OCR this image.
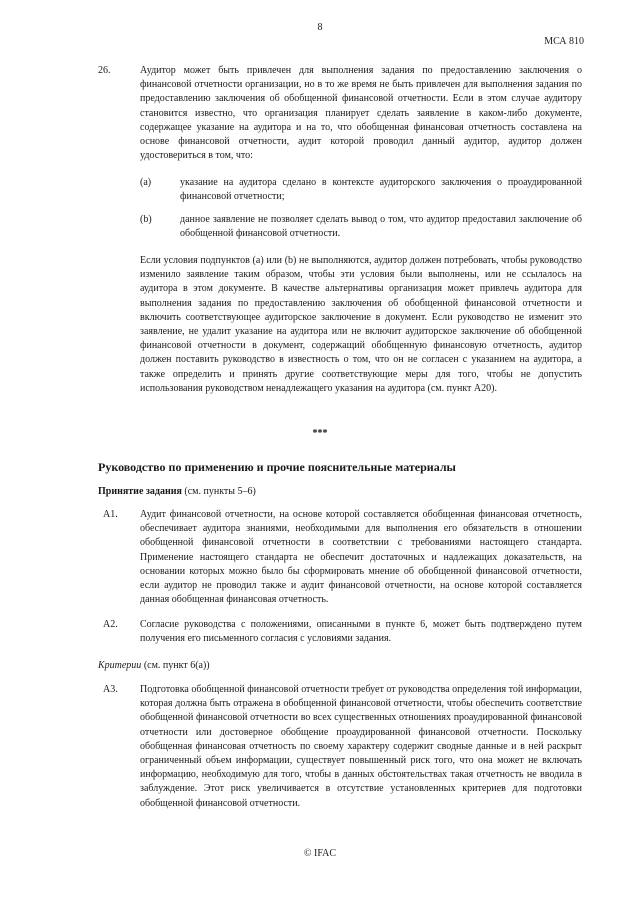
8
МСА 810
26.	Аудитор может быть привлечен для выполнения задания по предоставлению заключения о финансовой отчетности организации, но в то же время не быть привлечен для выполнения задания по предоставлению заключения об обобщенной финансовой отчетности. Если в этом случае аудитору становится известно, что организация планирует сделать заявление в каком-либо документе, содержащее указание на аудитора и на то, что обобщенная финансовая отчетность составлена на основе финансовой отчетности, аудит которой проводил данный аудитор, аудитор должен удостовериться в том, что:
(a)	указание на аудитора сделано в контексте аудиторского заключения о проаудированной финансовой отчетности;
(b)	данное заявление не позволяет сделать вывод о том, что аудитор предоставил заключение об обобщенной финансовой отчетности.
Если условия подпунктов (a) или (b) не выполняются, аудитор должен потребовать, чтобы руководство изменило заявление таким образом, чтобы эти условия были выполнены, или не ссылалось на аудитора в этом документе. В качестве альтернативы организация может привлечь аудитора для выполнения задания по предоставлению заключения об обобщенной финансовой отчетности и включить соответствующее аудиторское заключение в документ. Если руководство не изменит это заявление, не удалит указание на аудитора или не включит аудиторское заключение об обобщенной финансовой отчетности в документ, содержащий обобщенную финансовую отчетность, аудитор должен поставить руководство в известность о том, что он не согласен с указанием на аудитора, а также определить и принять другие соответствующие меры для того, чтобы не допустить использования руководством ненадлежащего указания на аудитора (см. пункт A20).
***
Руководство по применению и прочие пояснительные материалы
Принятие задания (см. пункты 5–6)
A1. Аудит финансовой отчетности, на основе которой составляется обобщенная финансовая отчетность, обеспечивает аудитора знаниями, необходимыми для выполнения его обязательств в отношении обобщенной финансовой отчетности в соответствии с требованиями настоящего стандарта. Применение настоящего стандарта не обеспечит достаточных и надлежащих доказательств, на основании которых можно было бы сформировать мнение об обобщенной финансовой отчетности, если аудитор не проводил также и аудит финансовой отчетности, на основе которой составляется данная обобщенная финансовая отчетность.
A2. Согласие руководства с положениями, описанными в пункте 6, может быть подтверждено путем получения его письменного согласия с условиями задания.
Критерии (см. пункт 6(a))
A3. Подготовка обобщенной финансовой отчетности требует от руководства определения той информации, которая должна быть отражена в обобщенной финансовой отчетности, чтобы обеспечить соответствие обобщенной финансовой отчетности во всех существенных отношениях проаудированной финансовой отчетности или достоверное обобщение проаудированной финансовой отчетности. Поскольку обобщенная финансовая отчетность по своему характеру содержит сводные данные и в ней раскрыт ограниченный объем информации, существует повышенный риск того, что она может не включать информацию, необходимую для того, чтобы в данных обстоятельствах такая отчетность не вводила в заблуждение. Этот риск увеличивается в отсутствие установленных критериев для подготовки обобщенной финансовой отчетности.
© IFAC
